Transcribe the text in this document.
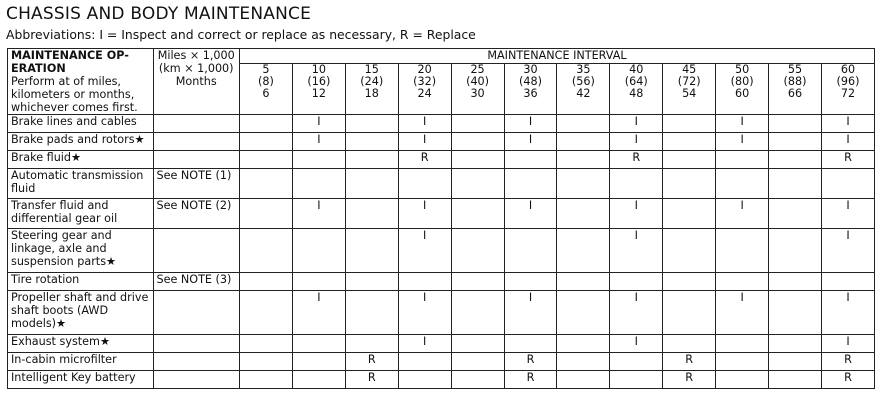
CHASSIS AND BODY MAINTENANCE
Abbreviations: I = Inspect and correct or replace as necessary, R = Replace
MAINTENANCE OP-
ERATION
Perform at of miles, kilometers or months, whichever comes first.	Miles × 1,000
(km × 1,000)
Months	MAINTENANCE INTERVAL											

		5
(8)
6	10
(16)
12	15
(24)
18	20
(32)
24	25
(40)
30	30
(48)
36	35
(56)
42	40
(64)
48	45
(72)
54	50
(80)
60	55
(88)
66	60
(96)
72

Brake lines and cables			I		I		I		I		I		I
Brake pads and rotors★			I		I		I		I		I		I
Brake fluid★					R				R				R
Automatic transmission fluid	See NOTE (1)												
Transfer fluid and differential gear oil	See NOTE (2)		I		I		I		I		I		I
Steering gear and linkage, axle and suspension parts★					I				I				I
Tire rotation	See NOTE (3)												
Propeller shaft and drive shaft boots (AWD models)★			I		I		I		I		I		I
Exhaust system★					I				I				I
In-cabin microfilter				R			R			R			R
Intelligent Key battery				R			R			R			R
